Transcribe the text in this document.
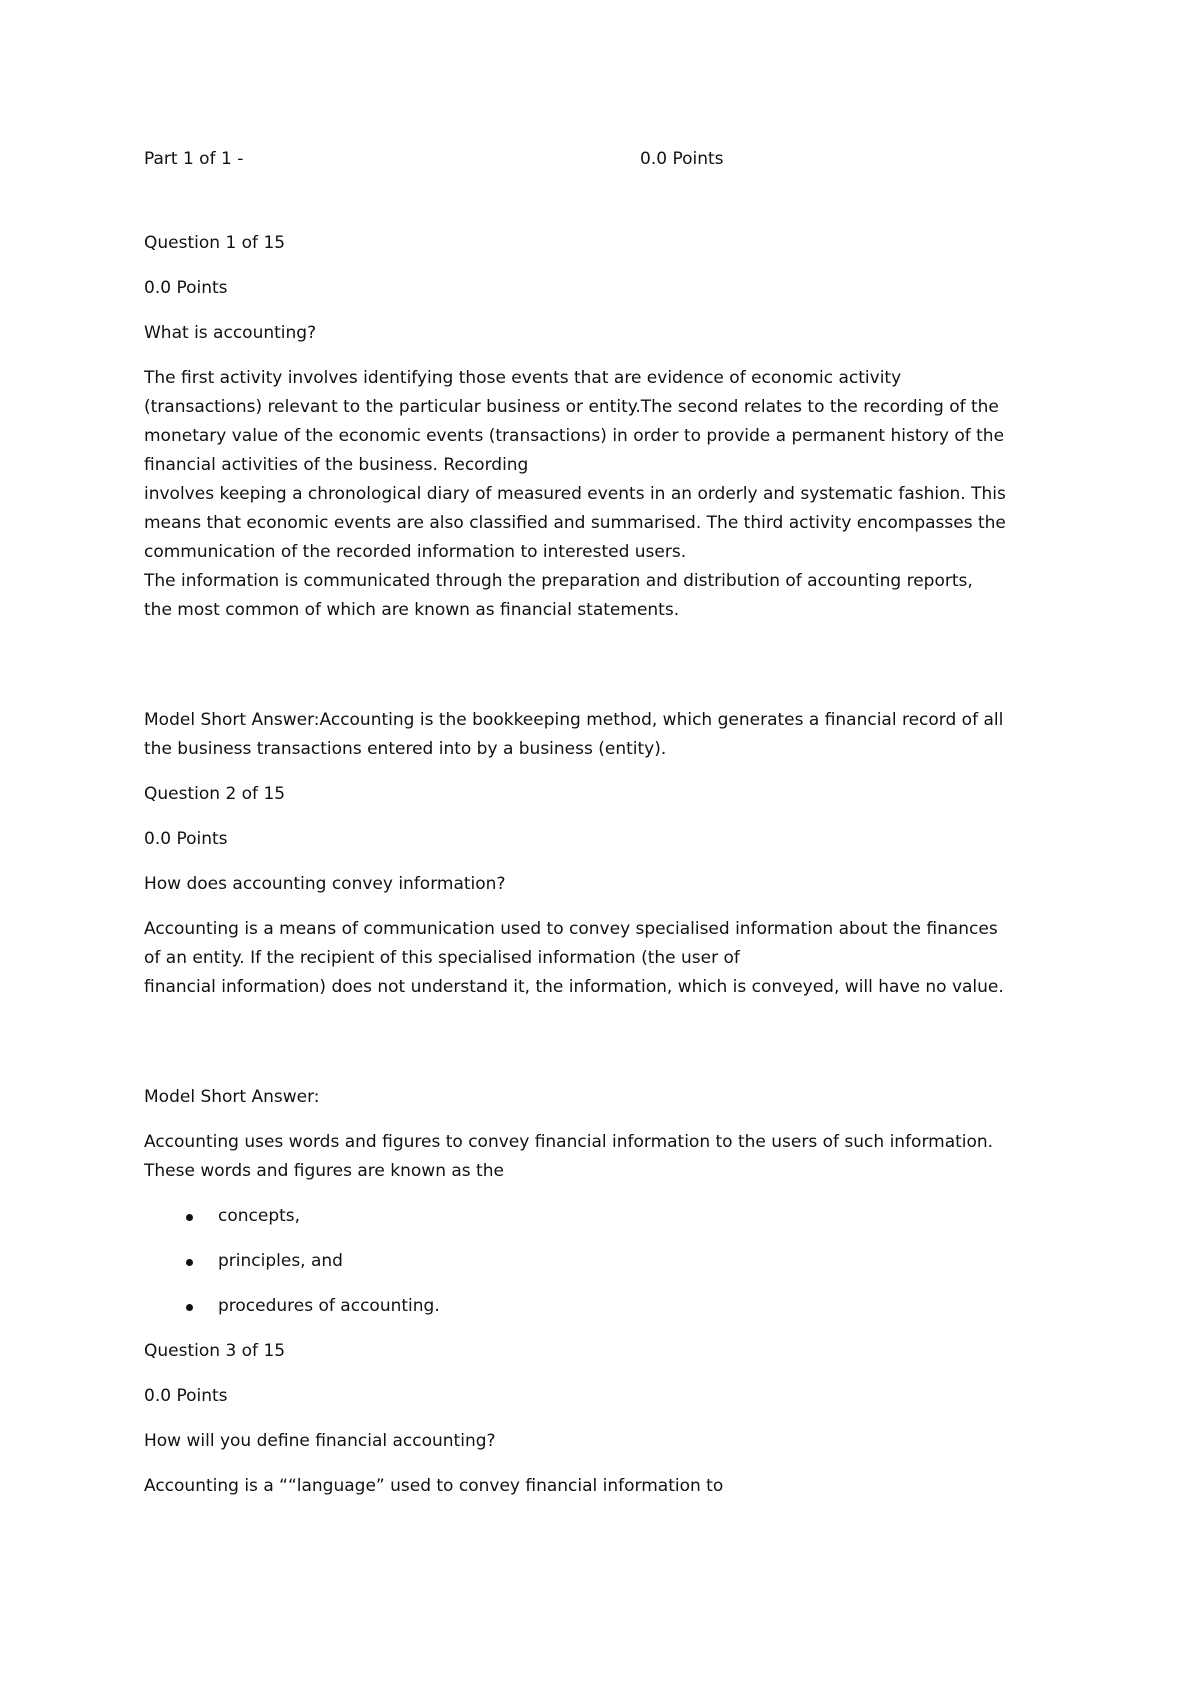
Part 1 of 1 -	0.0 Points

Question 1 of 15

0.0 Points

What is accounting?

The first activity involves identifying those events that are evidence of economic activity

(transactions) relevant to the particular business or entity.The second relates to the recording of the

monetary value of the economic events (transactions) in order to provide a permanent history of the

financial activities of the business. Recording

involves keeping a chronological diary of measured events in an orderly and systematic fashion. This

means that economic events are also classified and summarised. The third activity encompasses the

communication of the recorded information to interested users.

The information is communicated through the preparation and distribution of accounting reports,

the most common of which are known as financial statements.

Model Short Answer:Accounting is the bookkeeping method, which generates a financial record of all

the business transactions entered into by a business (entity).

Question 2 of 15

0.0 Points

How does accounting convey information?

Accounting is a means of communication used to convey specialised information about the finances

of an entity. If the recipient of this specialised information (the user of

financial information) does not understand it, the information, which is conveyed, will have no value.

Model Short Answer:

Accounting uses words and figures to convey financial information to the users of such information.

These words and figures are known as the

concepts,
principles, and
procedures of accounting.

Question 3 of 15

0.0 Points

How will you define financial accounting?

Accounting is a ““language” used to convey financial information to
